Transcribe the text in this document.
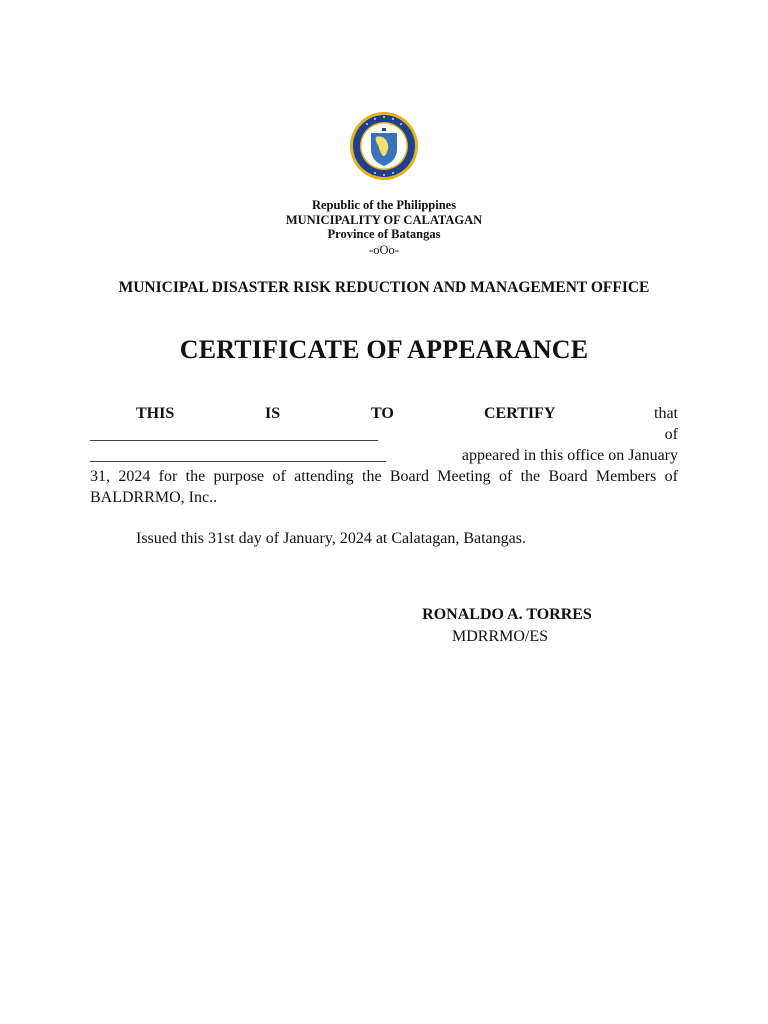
Republic of the Philippines
MUNICIPALITY OF CALATAGAN
Province of Batangas
-oOo-
MUNICIPAL DISASTER RISK REDUCTION AND MANAGEMENT OFFICE
CERTIFICATE OF APPEARANCE
THIS	IS	TO	CERTIFY	that
____________________________________	of
_____________________________________	appeared in this office on January
31, 2024 for the purpose of attending the Board Meeting of the Board Members of
BALDRRMO, Inc..
Issued this 31st day of January, 2024 at Calatagan, Batangas.
RONALDO A. TORRES
MDRRMO/ES
